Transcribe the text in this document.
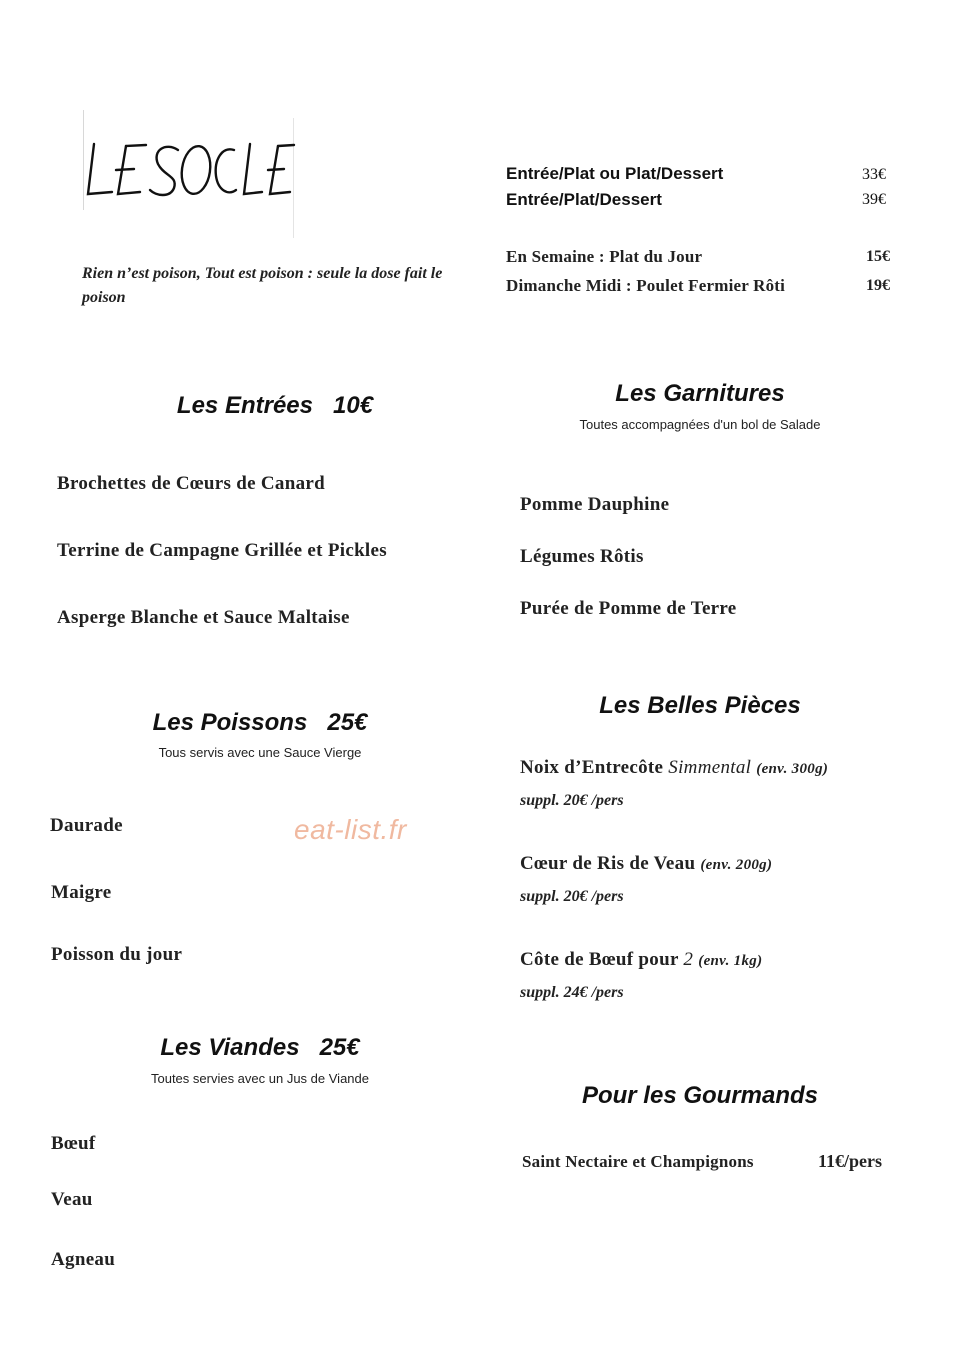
Rien n’est poison, Tout est poison : seule la dose fait le poison
Entrée/Plat ou Plat/Dessert	33€
Entrée/Plat/Dessert	39€
En Semaine : Plat du Jour	15€
Dimanche Midi : Poulet Fermier Rôti	19€
Les Entrées 10€
Brochettes de Cœurs de Canard
Terrine de Campagne Grillée et Pickles
Asperge Blanche et Sauce Maltaise
Les Poissons 25€
Tous servis avec une Sauce Vierge
Daurade
Maigre
Poisson du jour
eat-list.fr
Les Viandes 25€
Toutes servies avec un Jus de Viande
Bœuf
Veau
Agneau
Les Garnitures
Toutes accompagnées d'un bol de Salade
Pomme Dauphine
Légumes Rôtis
Purée de Pomme de Terre
Les Belles Pièces
Noix d’Entrecôte Simmental (env. 300g)
suppl. 20€ /pers
Cœur de Ris de Veau (env. 200g)
suppl. 20€ /pers
Côte de Bœuf pour 2 (env. 1kg)
suppl. 24€ /pers
Pour les Gourmands
Saint Nectaire et Champignons	11€/pers
